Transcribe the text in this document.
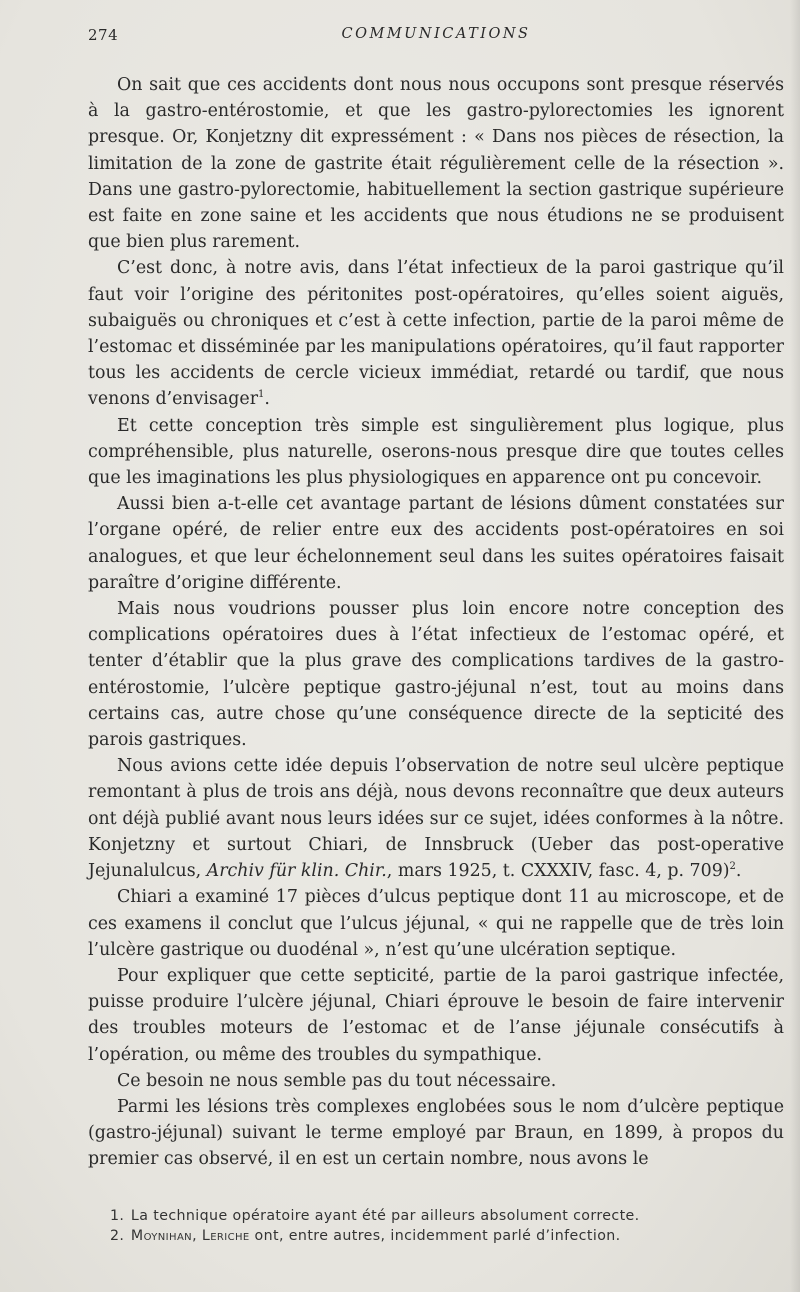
274	COMMUNICATIONS

On sait que ces accidents dont nous nous occupons sont presque réservés à la gastro-entérostomie, et que les gastro-pylorectomies les ignorent presque. Or, Konjetzny dit expressément : « Dans nos pièces de résection, la limitation de la zone de gastrite était régulièrement celle de la résection ». Dans une gastro-pylorectomie, habituellement la section gastrique supérieure est faite en zone saine et les accidents que nous étudions ne se produisent que bien plus rarement.

C’est donc, à notre avis, dans l’état infectieux de la paroi gastrique qu’il faut voir l’origine des péritonites post-opératoires, qu’elles soient aiguës, subaiguës ou chroniques et c’est à cette infection, partie de la paroi même de l’estomac et disséminée par les manipulations opératoires, qu’il faut rapporter tous les accidents de cercle vicieux immédiat, retardé ou tardif, que nous venons d’envisager$^1$.

Et cette conception très simple est singulièrement plus logique, plus compréhensible, plus naturelle, oserons-nous presque dire que toutes celles que les imaginations les plus physiologiques en apparence ont pu concevoir.

Aussi bien a-t-elle cet avantage partant de lésions dûment constatées sur l’organe opéré, de relier entre eux des accidents post-opératoires en soi analogues, et que leur échelonnement seul dans les suites opératoires faisait paraître d’origine différente.

Mais nous voudrions pousser plus loin encore notre conception des complications opératoires dues à l’état infectieux de l’estomac opéré, et tenter d’établir que la plus grave des complications tardives de la gastro-entérostomie, l’ulcère peptique gastro-jéjunal n’est, tout au moins dans certains cas, autre chose qu’une conséquence directe de la septicité des parois gastriques.

Nous avions cette idée depuis l’observation de notre seul ulcère peptique remontant à plus de trois ans déjà, nous devons reconnaître que deux auteurs ont déjà publié avant nous leurs idées sur ce sujet, idées conformes à la nôtre. Konjetzny et surtout Chiari, de Innsbruck (Ueber das post-operative Jejunalulcus, Archiv für klin. Chir., mars 1925, t. CXXXIV, fasc. 4, p. 709)$^2$.

Chiari a examiné 17 pièces d’ulcus peptique dont 11 au microscope, et de ces examens il conclut que l’ulcus jéjunal, « qui ne rappelle que de très loin l’ulcère gastrique ou duodénal », n’est qu’une ulcération septique.

Pour expliquer que cette septicité, partie de la paroi gastrique infectée, puisse produire l’ulcère jéjunal, Chiari éprouve le besoin de faire intervenir des troubles moteurs de l’estomac et de l’anse jéjunale consécutifs à l’opération, ou même des troubles du sympathique.

Ce besoin ne nous semble pas du tout nécessaire.

Parmi les lésions très complexes englobées sous le nom d’ulcère peptique (gastro-jéjunal) suivant le terme employé par Braun, en 1899, à propos du premier cas observé, il en est un certain nombre, nous avons le

1. La technique opératoire ayant été par ailleurs absolument correcte.

2. Moynihan, Leriche ont, entre autres, incidemment parlé d’infection.
